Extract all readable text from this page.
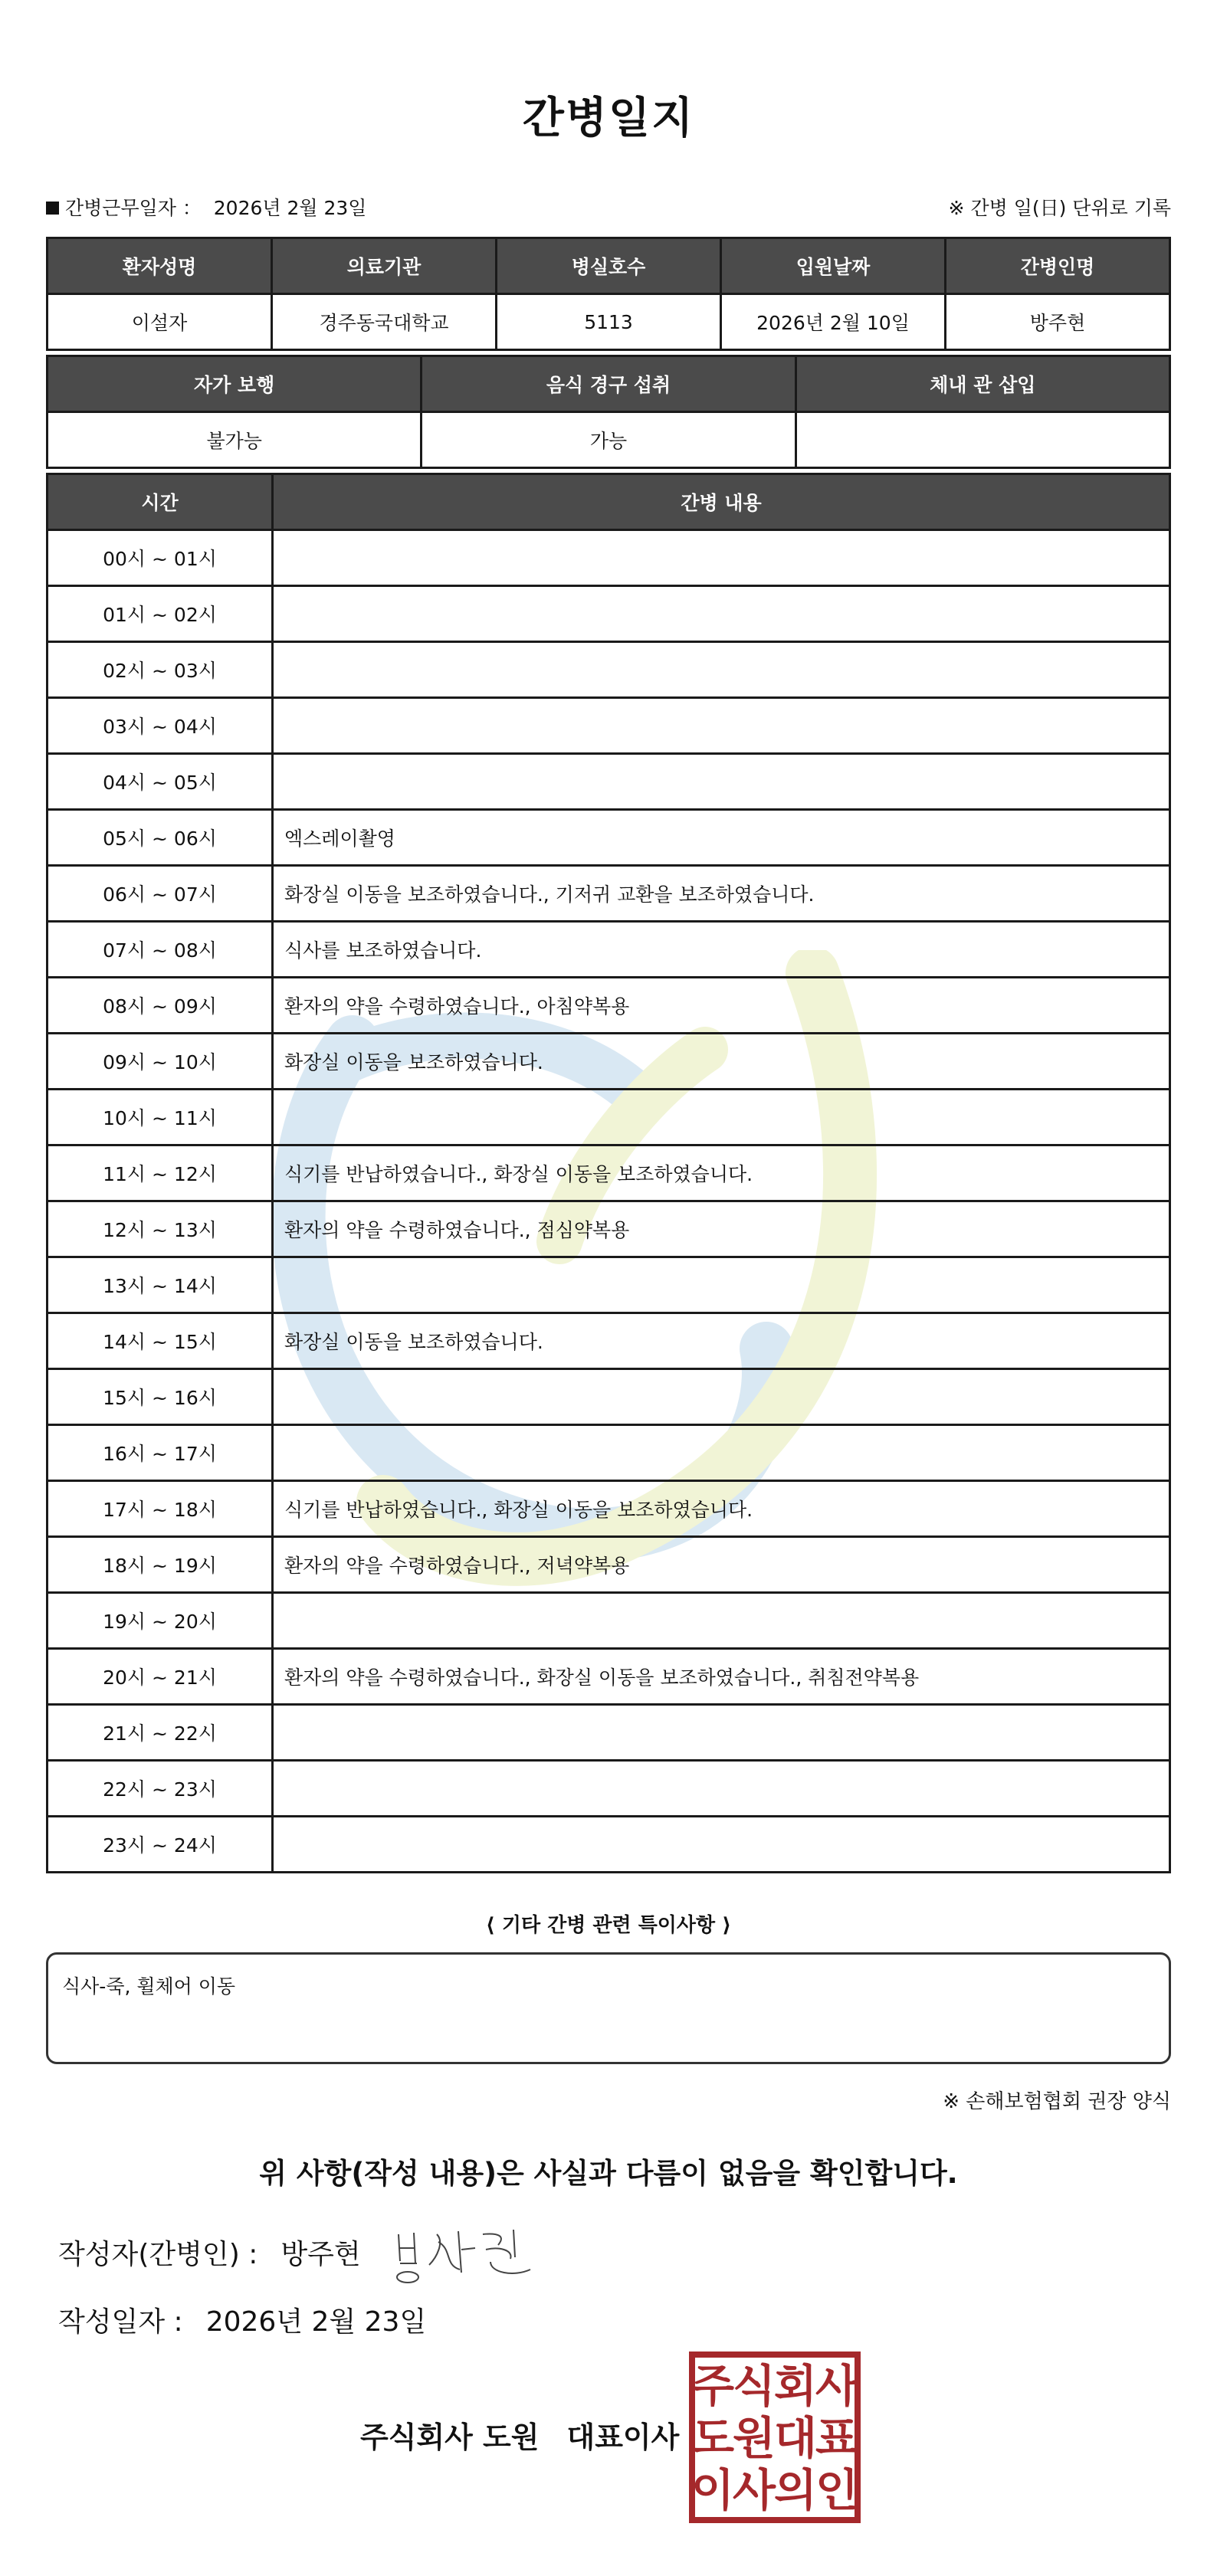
간병일지
간병근무일자 ： 2026년 2월 23일	※ 간병 일(日) 단위로 기록
환자성명	의료기관	병실호수	입원날짜	간병인명
이설자	경주동국대학교	5113	2026년 2월 10일	방주현
자가 보행	음식 경구 섭취	체내 관 삽입
불가능	가능	
시간	간병 내용
00시 ~ 01시	
01시 ~ 02시	
02시 ~ 03시	
03시 ~ 04시	
04시 ~ 05시	
05시 ~ 06시	엑스레이촬영
06시 ~ 07시	화장실 이동을 보조하였습니다., 기저귀 교환을 보조하였습니다.
07시 ~ 08시	식사를 보조하였습니다.
08시 ~ 09시	환자의 약을 수령하였습니다., 아침약복용
09시 ~ 10시	화장실 이동을 보조하였습니다.
10시 ~ 11시	
11시 ~ 12시	식기를 반납하였습니다., 화장실 이동을 보조하였습니다.
12시 ~ 13시	환자의 약을 수령하였습니다., 점심약복용
13시 ~ 14시	
14시 ~ 15시	화장실 이동을 보조하였습니다.
15시 ~ 16시	
16시 ~ 17시	
17시 ~ 18시	식기를 반납하였습니다., 화장실 이동을 보조하였습니다.
18시 ~ 19시	환자의 약을 수령하였습니다., 저녁약복용
19시 ~ 20시	
20시 ~ 21시	환자의 약을 수령하였습니다., 화장실 이동을 보조하였습니다., 취침전약복용
21시 ~ 22시	
22시 ~ 23시	
23시 ~ 24시	
⟨ 기타 간병 관련 특이사항 ⟩
식사-죽, 휠체어 이동
※ 손해보험협회 권장 양식
위 사항(작성 내용)은 사실과 다름이 없음을 확인합니다.
작성자(간병인) : 방주현
작성일자 : 2026년 2월 23일
주식회사 도원 대표이사
주
식
회
사
도
원
대
표
이
사
의
인
